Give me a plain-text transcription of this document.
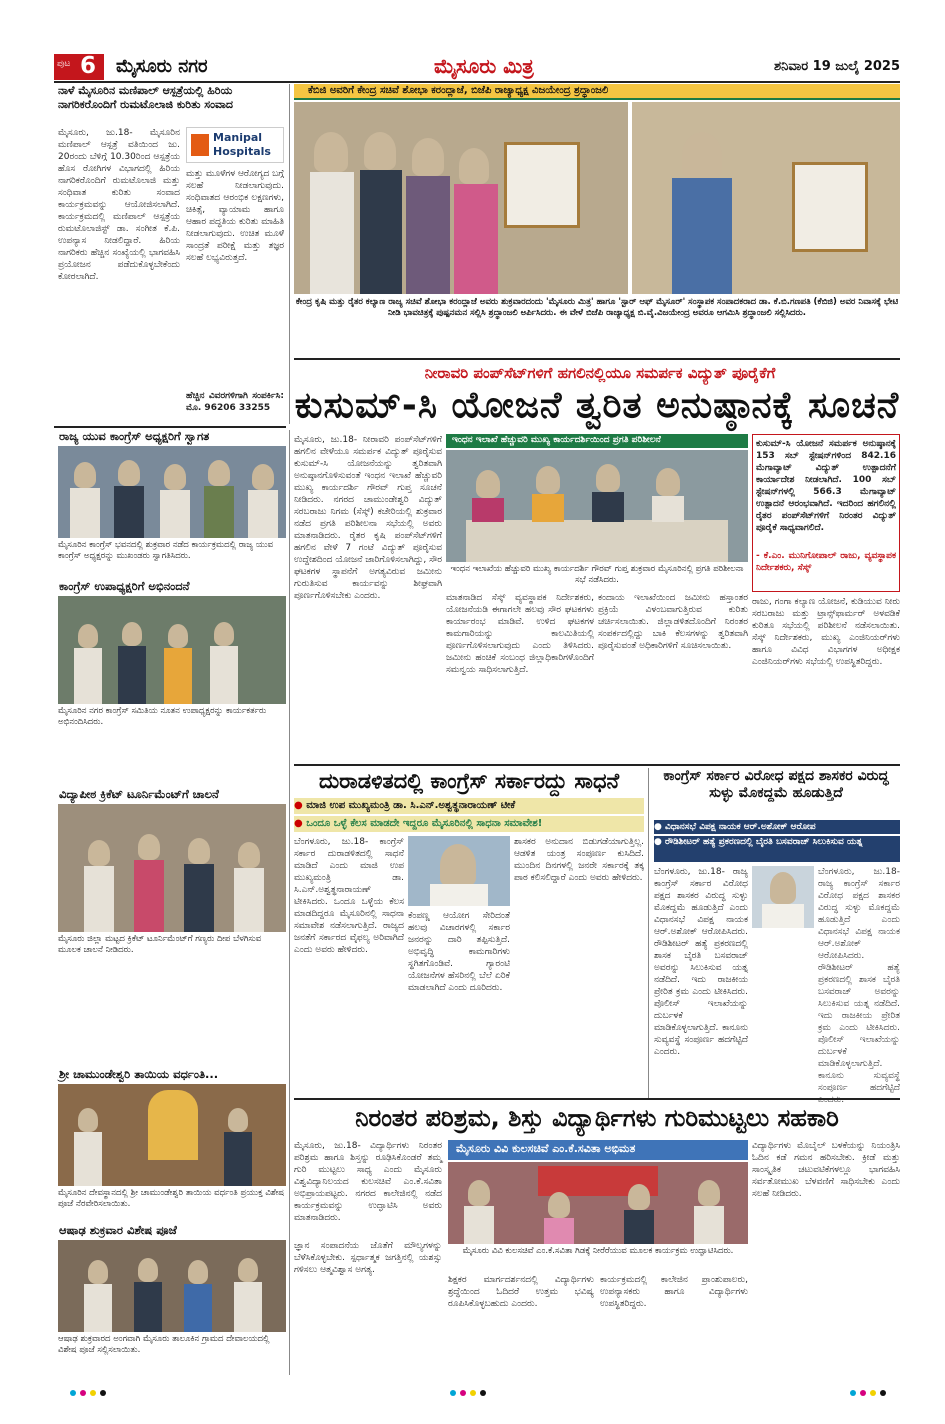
ಪುಟ 6 ಮೈಸೂರು ನಗರ	ಮೈಸೂರು ಮಿತ್ರ	ಶನಿವಾರ 19 ಜುಲೈ 2025
ನಾಳೆ ಮೈಸೂರಿನ ಮಣಿಪಾಲ್ ಆಸ್ಪತ್ರೆಯಲ್ಲಿ ಹಿರಿಯ ನಾಗರಿಕರೊಂದಿಗೆ ರುಮಟೊಲಾಜಿ ಕುರಿತು ಸಂವಾದ
Manipal Hospitals
ಮೈಸೂರು, ಜು.18- ಮೈಸೂರಿನ ಮಣಿಪಾಲ್ ಆಸ್ಪತ್ರೆ ವತಿಯಿಂದ ಜು. 20ರಂದು ಬೆಳಿಗ್ಗೆ 10.30ರಿಂದ ಆಸ್ಪತ್ರೆಯ ಹೊಸ ರೋಗಿಗಳ ವಿಭಾಗದಲ್ಲಿ ಹಿರಿಯ ನಾಗರಿಕರೊಂದಿಗೆ ರುಮಟೊಲಾಜಿ ಮತ್ತು ಸಂಧಿವಾತ ಕುರಿತು ಸಂವಾದ ಕಾರ್ಯಕ್ರಮವನ್ನು ಆಯೋಜಿಸಲಾಗಿದೆ. ಕಾರ್ಯಕ್ರಮದಲ್ಲಿ ಮಣಿಪಾಲ್ ಆಸ್ಪತ್ರೆಯ ರುಮಟೊಲಾಜಿಸ್ಟ್ ಡಾ. ಸಂಗೀತ ಕೆ.ಪಿ. ಉಪನ್ಯಾಸ ನೀಡಲಿದ್ದಾರೆ. ಹಿರಿಯ ನಾಗರಿಕರು ಹೆಚ್ಚಿನ ಸಂಖ್ಯೆಯಲ್ಲಿ ಭಾಗವಹಿಸಿ ಪ್ರಯೋಜನ ಪಡೆದುಕೊಳ್ಳಬೇಕೆಂದು ಕೋರಲಾಗಿದೆ.
ಮತ್ತು ಮೂಳೆಗಳ ಆರೋಗ್ಯದ ಬಗ್ಗೆ ಸಲಹೆ ನೀಡಲಾಗುವುದು. ಸಂಧಿವಾತದ ಆರಂಭಿಕ ಲಕ್ಷಣಗಳು, ಚಿಕಿತ್ಸೆ, ವ್ಯಾಯಾಮ ಹಾಗೂ ಆಹಾರ ಪದ್ಧತಿಯ ಕುರಿತು ಮಾಹಿತಿ ನೀಡಲಾಗುವುದು. ಉಚಿತ ಮೂಳೆ ಸಾಂದ್ರತೆ ಪರೀಕ್ಷೆ ಮತ್ತು ತಜ್ಞರ ಸಲಹೆ ಲಭ್ಯವಿರುತ್ತದೆ.
ಹೆಚ್ಚಿನ ವಿವರಗಳಿಗಾಗಿ ಸಂಪರ್ಕಿಸಿ: ಮೊ. 96206 33255
ಕೆಬಿಜಿ ಅವರಿಗೆ ಕೇಂದ್ರ ಸಚಿವೆ ಶೋಭಾ ಕರಂದ್ಲಾಜೆ, ಬಿಜೆಪಿ ರಾಜ್ಯಾಧ್ಯಕ್ಷ ವಿಜಯೇಂದ್ರ ಶ್ರದ್ಧಾಂಜಲಿ
ಕೇಂದ್ರ ಕೃಷಿ ಮತ್ತು ರೈತರ ಕಲ್ಯಾಣ ರಾಜ್ಯ ಸಚಿವೆ ಶೋಭಾ ಕರಂದ್ಲಾಜೆ ಅವರು ಶುಕ್ರವಾರದಂದು 'ಮೈಸೂರು ಮಿತ್ರ' ಹಾಗೂ 'ಸ್ಟಾರ್ ಆಫ್ ಮೈಸೂರ್' ಸಂಸ್ಥಾಪಕ ಸಂಪಾದಕರಾದ ಡಾ. ಕೆ.ಬಿ.ಗಣಪತಿ (ಕೆಬಿಜಿ) ಅವರ ನಿವಾಸಕ್ಕೆ ಭೇಟಿ ನೀಡಿ ಭಾವಚಿತ್ರಕ್ಕೆ ಪುಷ್ಪನಮನ ಸಲ್ಲಿಸಿ ಶ್ರದ್ಧಾಂಜಲಿ ಅರ್ಪಿಸಿದರು. ಈ ವೇಳೆ ಬಿಜೆಪಿ ರಾಜ್ಯಾಧ್ಯಕ್ಷ ಬಿ.ವೈ.ವಿಜಯೇಂದ್ರ ಅವರೂ ಆಗಮಿಸಿ ಶ್ರದ್ಧಾಂಜಲಿ ಸಲ್ಲಿಸಿದರು.
ನೀರಾವರಿ ಪಂಪ್‌ಸೆಟ್‌ಗಳಿಗೆ ಹಗಲಿನಲ್ಲಿಯೂ ಸಮರ್ಪಕ ವಿದ್ಯುತ್ ಪೂರೈಕೆಗೆ
ಕುಸುಮ್-ಸಿ ಯೋಜನೆ ತ್ವರಿತ ಅನುಷ್ಠಾನಕ್ಕೆ ಸೂಚನೆ
ರಾಜ್ಯ ಯುವ ಕಾಂಗ್ರೆಸ್ ಅಧ್ಯಕ್ಷರಿಗೆ ಸ್ವಾಗತ
ಮೈಸೂರಿನ ಕಾಂಗ್ರೆಸ್ ಭವನದಲ್ಲಿ ಶುಕ್ರವಾರ ನಡೆದ ಕಾರ್ಯಕ್ರಮದಲ್ಲಿ ರಾಜ್ಯ ಯುವ ಕಾಂಗ್ರೆಸ್ ಅಧ್ಯಕ್ಷರನ್ನು ಮುಖಂಡರು ಸ್ವಾಗತಿಸಿದರು.
ಕಾಂಗ್ರೆಸ್ ಉಪಾಧ್ಯಕ್ಷರಿಗೆ ಅಭಿನಂದನೆ
ಮೈಸೂರಿನ ನಗರ ಕಾಂಗ್ರೆಸ್ ಸಮಿತಿಯ ನೂತನ ಉಪಾಧ್ಯಕ್ಷರನ್ನು ಕಾರ್ಯಕರ್ತರು ಅಭಿನಂದಿಸಿದರು.
ವಿದ್ಯಾಪೀಠ ಕ್ರಿಕೆಟ್ ಟೂರ್ನಿಮೆಂಟ್‌ಗೆ ಚಾಲನೆ
ಮೈಸೂರು ಜಿಲ್ಲಾ ಮಟ್ಟದ ಕ್ರಿಕೆಟ್ ಟೂರ್ನಿಮೆಂಟ್‌ಗೆ ಗಣ್ಯರು ದೀಪ ಬೆಳಗಿಸುವ ಮೂಲಕ ಚಾಲನೆ ನೀಡಿದರು.
ಶ್ರೀ ಚಾಮುಂಡೇಶ್ವರಿ ತಾಯಿಯ ವರ್ಧಂತಿ...
ಮೈಸೂರಿನ ದೇವಸ್ಥಾನದಲ್ಲಿ ಶ್ರೀ ಚಾಮುಂಡೇಶ್ವರಿ ತಾಯಿಯ ವರ್ಧಂತಿ ಪ್ರಯುಕ್ತ ವಿಶೇಷ ಪೂಜೆ ನೆರವೇರಿಸಲಾಯಿತು.
ಆಷಾಢ ಶುಕ್ರವಾರ ವಿಶೇಷ ಪೂಜೆ
ಆಷಾಢ ಶುಕ್ರವಾರದ ಅಂಗವಾಗಿ ಮೈಸೂರು ತಾಲೂಕಿನ ಗ್ರಾಮದ ದೇವಾಲಯದಲ್ಲಿ ವಿಶೇಷ ಪೂಜೆ ಸಲ್ಲಿಸಲಾಯಿತು.
ಮೈಸೂರು, ಜು.18- ನೀರಾವರಿ ಪಂಪ್‌ಸೆಟ್‌ಗಳಿಗೆ ಹಗಲಿನ ವೇಳೆಯೂ ಸಮರ್ಪಕ ವಿದ್ಯುತ್ ಪೂರೈಸುವ ಕುಸುಮ್-ಸಿ ಯೋಜನೆಯನ್ನು ತ್ವರಿತವಾಗಿ ಅನುಷ್ಠಾನಗೊಳಿಸುವಂತೆ ಇಂಧನ ಇಲಾಖೆ ಹೆಚ್ಚುವರಿ ಮುಖ್ಯ ಕಾರ್ಯದರ್ಶಿ ಗೌರವ್ ಗುಪ್ತ ಸೂಚನೆ ನೀಡಿದರು. ನಗರದ ಚಾಮುಂಡೇಶ್ವರಿ ವಿದ್ಯುತ್ ಸರಬರಾಜು ನಿಗಮ (ಸೆಸ್ಕ್) ಕಚೇರಿಯಲ್ಲಿ ಶುಕ್ರವಾರ ನಡೆದ ಪ್ರಗತಿ ಪರಿಶೀಲನಾ ಸಭೆಯಲ್ಲಿ ಅವರು ಮಾತನಾಡಿದರು. ರೈತರ ಕೃಷಿ ಪಂಪ್‌ಸೆಟ್‌ಗಳಿಗೆ ಹಗಲಿನ ವೇಳೆ 7 ಗಂಟೆ ವಿದ್ಯುತ್ ಪೂರೈಸುವ ಉದ್ದೇಶದಿಂದ ಯೋಜನೆ ಜಾರಿಗೊಳಿಸಲಾಗಿದ್ದು, ಸೌರ ಘಟಕಗಳ ಸ್ಥಾಪನೆಗೆ ಅಗತ್ಯವಿರುವ ಜಮೀನು ಗುರುತಿಸುವ ಕಾರ್ಯವನ್ನು ಶೀಘ್ರವಾಗಿ ಪೂರ್ಣಗೊಳಿಸಬೇಕು ಎಂದರು.
ಇಂಧನ ಇಲಾಖೆ ಹೆಚ್ಚುವರಿ ಮುಖ್ಯ ಕಾರ್ಯದರ್ಶಿಯಿಂದ ಪ್ರಗತಿ ಪರಿಶೀಲನೆ
ಇಂಧನ ಇಲಾಖೆಯ ಹೆಚ್ಚುವರಿ ಮುಖ್ಯ ಕಾರ್ಯದರ್ಶಿ ಗೌರವ್ ಗುಪ್ತ ಶುಕ್ರವಾರ ಮೈಸೂರಿನಲ್ಲಿ ಪ್ರಗತಿ ಪರಿಶೀಲನಾ ಸಭೆ ನಡೆಸಿದರು.
ಕುಸುಮ್-ಸಿ ಯೋಜನೆ ಸಮರ್ಪಕ ಅನುಷ್ಠಾನಕ್ಕೆ 153 ಸಬ್ ಸ್ಟೇಷನ್‌ಗಳಿಂದ 842.16 ಮೆಗಾವ್ಯಾಟ್ ವಿದ್ಯುತ್ ಉತ್ಪಾದನೆಗೆ ಕಾರ್ಯಾದೇಶ ನೀಡಲಾಗಿದೆ. 100 ಸಬ್ ಸ್ಟೇಷನ್‌ಗಳಲ್ಲಿ 566.3 ಮೆಗಾವ್ಯಾಟ್ ಉತ್ಪಾದನೆ ಆರಂಭವಾಗಿದೆ. ಇದರಿಂದ ಹಗಲಿನಲ್ಲಿ ರೈತರ ಪಂಪ್‌ಸೆಟ್‌ಗಳಿಗೆ ನಿರಂತರ ವಿದ್ಯುತ್ ಪೂರೈಕೆ ಸಾಧ್ಯವಾಗಲಿದೆ.
- ಕೆ.ಎಂ. ಮುನಿಗೋಪಾಲ್ ರಾಜು, ವ್ಯವಸ್ಥಾಪಕ ನಿರ್ದೇಶಕರು, ಸೆಸ್ಕ್
ಮಾತನಾಡಿದ ಸೆಸ್ಕ್ ವ್ಯವಸ್ಥಾಪಕ ನಿರ್ದೇಶಕರು, ಯೋಜನೆಯಡಿ ಈಗಾಗಲೇ ಹಲವು ಸೌರ ಘಟಕಗಳು ಕಾರ್ಯಾರಂಭ ಮಾಡಿವೆ. ಉಳಿದ ಘಟಕಗಳ ಕಾಮಗಾರಿಯನ್ನು ಕಾಲಮಿತಿಯಲ್ಲಿ ಪೂರ್ಣಗೊಳಿಸಲಾಗುವುದು ಎಂದು ತಿಳಿಸಿದರು. ಜಮೀನು ಹಂಚಿಕೆ ಸಂಬಂಧ ಜಿಲ್ಲಾಧಿಕಾರಿಗಳೊಂದಿಗೆ ಸಮನ್ವಯ ಸಾಧಿಸಲಾಗುತ್ತಿದೆ.
ಕಂದಾಯ ಇಲಾಖೆಯಿಂದ ಜಮೀನು ಹಸ್ತಾಂತರ ಪ್ರಕ್ರಿಯೆ ವಿಳಂಬವಾಗುತ್ತಿರುವ ಕುರಿತು ಚರ್ಚಿಸಲಾಯಿತು. ಜಿಲ್ಲಾಡಳಿತದೊಂದಿಗೆ ನಿರಂತರ ಸಂಪರ್ಕದಲ್ಲಿದ್ದು ಬಾಕಿ ಕೆಲಸಗಳನ್ನು ತ್ವರಿತವಾಗಿ ಪೂರೈಸುವಂತೆ ಅಧಿಕಾರಿಗಳಿಗೆ ಸೂಚಿಸಲಾಯಿತು.
ರಾಜು, ಗಂಗಾ ಕಲ್ಯಾಣ ಯೋಜನೆ, ಕುಡಿಯುವ ನೀರು ಸರಬರಾಜು ಮತ್ತು ಟ್ರಾನ್ಸ್‌ಫಾರ್ಮರ್ ಅಳವಡಿಕೆ ಕುರಿತೂ ಸಭೆಯಲ್ಲಿ ಪರಿಶೀಲನೆ ನಡೆಸಲಾಯಿತು. ಸೆಸ್ಕ್ ನಿರ್ದೇಶಕರು, ಮುಖ್ಯ ಎಂಜಿನಿಯರ್‌ಗಳು ಹಾಗೂ ವಿವಿಧ ವಿಭಾಗಗಳ ಅಧೀಕ್ಷಕ ಎಂಜಿನಿಯರ್‌ಗಳು ಸಭೆಯಲ್ಲಿ ಉಪಸ್ಥಿತರಿದ್ದರು.
ದುರಾಡಳಿತದಲ್ಲಿ ಕಾಂಗ್ರೆಸ್ ಸರ್ಕಾರದ್ದು ಸಾಧನೆ
● ಮಾಜಿ ಉಪ ಮುಖ್ಯಮಂತ್ರಿ ಡಾ. ಸಿ.ಎನ್.ಅಶ್ವತ್ಥನಾರಾಯಣ್ ಟೀಕೆ
● ಒಂದೂ ಒಳ್ಳೆ ಕೆಲಸ ಮಾಡದೇ ಇದ್ದರೂ ಮೈಸೂರಿನಲ್ಲಿ ಸಾಧನಾ ಸಮಾವೇಶ!
ಬೆಂಗಳೂರು, ಜು.18- ಕಾಂಗ್ರೆಸ್ ಸರ್ಕಾರ ದುರಾಡಳಿತದಲ್ಲಿ ಸಾಧನೆ ಮಾಡಿದೆ ಎಂದು ಮಾಜಿ ಉಪ ಮುಖ್ಯಮಂತ್ರಿ ಡಾ. ಸಿ.ಎನ್.ಅಶ್ವತ್ಥನಾರಾಯಣ್ ಟೀಕಿಸಿದರು. ಒಂದೂ ಒಳ್ಳೆಯ ಕೆಲಸ ಮಾಡದಿದ್ದರೂ ಮೈಸೂರಿನಲ್ಲಿ ಸಾಧನಾ ಸಮಾವೇಶ ನಡೆಸಲಾಗುತ್ತಿದೆ. ರಾಜ್ಯದ ಜನತೆಗೆ ಸರ್ಕಾರದ ವೈಫಲ್ಯ ಅರಿವಾಗಿದೆ ಎಂದು ಅವರು ಹೇಳಿದರು.
ಕೆಂಪಣ್ಣ ಆಯೋಗ ಸೇರಿದಂತೆ ಹಲವು ವಿಚಾರಗಳಲ್ಲಿ ಸರ್ಕಾರ ಜನರನ್ನು ದಾರಿ ತಪ್ಪಿಸುತ್ತಿದೆ. ಅಭಿವೃದ್ಧಿ ಕಾಮಗಾರಿಗಳು ಸ್ಥಗಿತಗೊಂಡಿವೆ. ಗ್ಯಾರಂಟಿ ಯೋಜನೆಗಳ ಹೆಸರಿನಲ್ಲಿ ಬೆಲೆ ಏರಿಕೆ ಮಾಡಲಾಗಿದೆ ಎಂದು ದೂರಿದರು.
ಶಾಸಕರ ಅನುದಾನ ಬಿಡುಗಡೆಯಾಗುತ್ತಿಲ್ಲ. ಆಡಳಿತ ಯಂತ್ರ ಸಂಪೂರ್ಣ ಕುಸಿದಿದೆ. ಮುಂದಿನ ದಿನಗಳಲ್ಲಿ ಜನರೇ ಸರ್ಕಾರಕ್ಕೆ ತಕ್ಕ ಪಾಠ ಕಲಿಸಲಿದ್ದಾರೆ ಎಂದು ಅವರು ಹೇಳಿದರು.
ಕಾಂಗ್ರೆಸ್ ಸರ್ಕಾರ ವಿರೋಧ ಪಕ್ಷದ ಶಾಸಕರ ವಿರುದ್ಧ ಸುಳ್ಳು ಮೊಕದ್ದಮೆ ಹೂಡುತ್ತಿದೆ
● ವಿಧಾನಸಭೆ ವಿಪಕ್ಷ ನಾಯಕ ಆರ್.ಅಶೋಕ್ ಆರೋಪ
● ರೌಡಿಶೀಟರ್ ಹತ್ಯೆ ಪ್ರಕರಣದಲ್ಲಿ ಬೈರತಿ ಬಸವರಾಜ್ ಸಿಲುಕಿಸುವ ಯತ್ನ
ಬೆಂಗಳೂರು, ಜು.18- ರಾಜ್ಯ ಕಾಂಗ್ರೆಸ್ ಸರ್ಕಾರ ವಿರೋಧ ಪಕ್ಷದ ಶಾಸಕರ ವಿರುದ್ಧ ಸುಳ್ಳು ಮೊಕದ್ದಮೆ ಹೂಡುತ್ತಿದೆ ಎಂದು ವಿಧಾನಸಭೆ ವಿಪಕ್ಷ ನಾಯಕ ಆರ್.ಅಶೋಕ್ ಆರೋಪಿಸಿದರು. ರೌಡಿಶೀಟರ್ ಹತ್ಯೆ ಪ್ರಕರಣದಲ್ಲಿ ಶಾಸಕ ಬೈರತಿ ಬಸವರಾಜ್ ಅವರನ್ನು ಸಿಲುಕಿಸುವ ಯತ್ನ ನಡೆದಿದೆ. ಇದು ರಾಜಕೀಯ ಪ್ರೇರಿತ ಕ್ರಮ ಎಂದು ಟೀಕಿಸಿದರು. ಪೊಲೀಸ್ ಇಲಾಖೆಯನ್ನು ದುರ್ಬಳಕೆ ಮಾಡಿಕೊಳ್ಳಲಾಗುತ್ತಿದೆ. ಕಾನೂನು ಸುವ್ಯವಸ್ಥೆ ಸಂಪೂರ್ಣ ಹದಗೆಟ್ಟಿದೆ ಎಂದರು.
ಬೆಂಗಳೂರು, ಜು.18- ರಾಜ್ಯ ಕಾಂಗ್ರೆಸ್ ಸರ್ಕಾರ ವಿರೋಧ ಪಕ್ಷದ ಶಾಸಕರ ವಿರುದ್ಧ ಸುಳ್ಳು ಮೊಕದ್ದಮೆ ಹೂಡುತ್ತಿದೆ ಎಂದು ವಿಧಾನಸಭೆ ವಿಪಕ್ಷ ನಾಯಕ ಆರ್.ಅಶೋಕ್ ಆರೋಪಿಸಿದರು. ರೌಡಿಶೀಟರ್ ಹತ್ಯೆ ಪ್ರಕರಣದಲ್ಲಿ ಶಾಸಕ ಬೈರತಿ ಬಸವರಾಜ್ ಅವರನ್ನು ಸಿಲುಕಿಸುವ ಯತ್ನ ನಡೆದಿದೆ. ಇದು ರಾಜಕೀಯ ಪ್ರೇರಿತ ಕ್ರಮ ಎಂದು ಟೀಕಿಸಿದರು. ಪೊಲೀಸ್ ಇಲಾಖೆಯನ್ನು ದುರ್ಬಳಕೆ ಮಾಡಿಕೊಳ್ಳಲಾಗುತ್ತಿದೆ. ಕಾನೂನು ಸುವ್ಯವಸ್ಥೆ ಸಂಪೂರ್ಣ ಹದಗೆಟ್ಟಿದೆ ಎಂದರು.
ನಿರಂತರ ಪರಿಶ್ರಮ, ಶಿಸ್ತು ವಿದ್ಯಾರ್ಥಿಗಳು ಗುರಿಮುಟ್ಟಲು ಸಹಕಾರಿ
ಮೈಸೂರು, ಜು.18- ವಿದ್ಯಾರ್ಥಿಗಳು ನಿರಂತರ ಪರಿಶ್ರಮ ಹಾಗೂ ಶಿಸ್ತನ್ನು ರೂಢಿಸಿಕೊಂಡರೆ ತಮ್ಮ ಗುರಿ ಮುಟ್ಟಲು ಸಾಧ್ಯ ಎಂದು ಮೈಸೂರು ವಿಶ್ವವಿದ್ಯಾನಿಲಯದ ಕುಲಸಚಿವೆ ಎಂ.ಕೆ.ಸವಿತಾ ಅಭಿಪ್ರಾಯಪಟ್ಟರು. ನಗರದ ಕಾಲೇಜಿನಲ್ಲಿ ನಡೆದ ಕಾರ್ಯಕ್ರಮವನ್ನು ಉದ್ಘಾಟಿಸಿ ಅವರು ಮಾತನಾಡಿದರು.
ಮೈಸೂರು ವಿವಿ ಕುಲಸಚಿವೆ ಎಂ.ಕೆ.ಸವಿತಾ ಅಭಿಮತ
ಮೈಸೂರು ವಿವಿ ಕುಲಸಚಿವೆ ಎಂ.ಕೆ.ಸವಿತಾ ಗಿಡಕ್ಕೆ ನೀರೆರೆಯುವ ಮೂಲಕ ಕಾರ್ಯಕ್ರಮ ಉದ್ಘಾಟಿಸಿದರು.
ಜ್ಞಾನ ಸಂಪಾದನೆಯ ಜೊತೆಗೆ ಮೌಲ್ಯಗಳನ್ನು ಬೆಳೆಸಿಕೊಳ್ಳಬೇಕು. ಸ್ಪರ್ಧಾತ್ಮಕ ಜಗತ್ತಿನಲ್ಲಿ ಯಶಸ್ಸು ಗಳಿಸಲು ಆತ್ಮವಿಶ್ವಾಸ ಅಗತ್ಯ.
ಶಿಕ್ಷಕರ ಮಾರ್ಗದರ್ಶನದಲ್ಲಿ ವಿದ್ಯಾರ್ಥಿಗಳು ಶ್ರದ್ಧೆಯಿಂದ ಓದಿದರೆ ಉತ್ತಮ ಭವಿಷ್ಯ ರೂಪಿಸಿಕೊಳ್ಳಬಹುದು ಎಂದರು.
ಕಾರ್ಯಕ್ರಮದಲ್ಲಿ ಕಾಲೇಜಿನ ಪ್ರಾಂಶುಪಾಲರು, ಉಪನ್ಯಾಸಕರು ಹಾಗೂ ವಿದ್ಯಾರ್ಥಿಗಳು ಉಪಸ್ಥಿತರಿದ್ದರು.
ವಿದ್ಯಾರ್ಥಿಗಳು ಮೊಬೈಲ್ ಬಳಕೆಯನ್ನು ನಿಯಂತ್ರಿಸಿ ಓದಿನ ಕಡೆ ಗಮನ ಹರಿಸಬೇಕು. ಕ್ರೀಡೆ ಮತ್ತು ಸಾಂಸ್ಕೃತಿಕ ಚಟುವಟಿಕೆಗಳಲ್ಲೂ ಭಾಗವಹಿಸಿ ಸರ್ವತೋಮುಖ ಬೆಳವಣಿಗೆ ಸಾಧಿಸಬೇಕು ಎಂದು ಸಲಹೆ ನೀಡಿದರು.
